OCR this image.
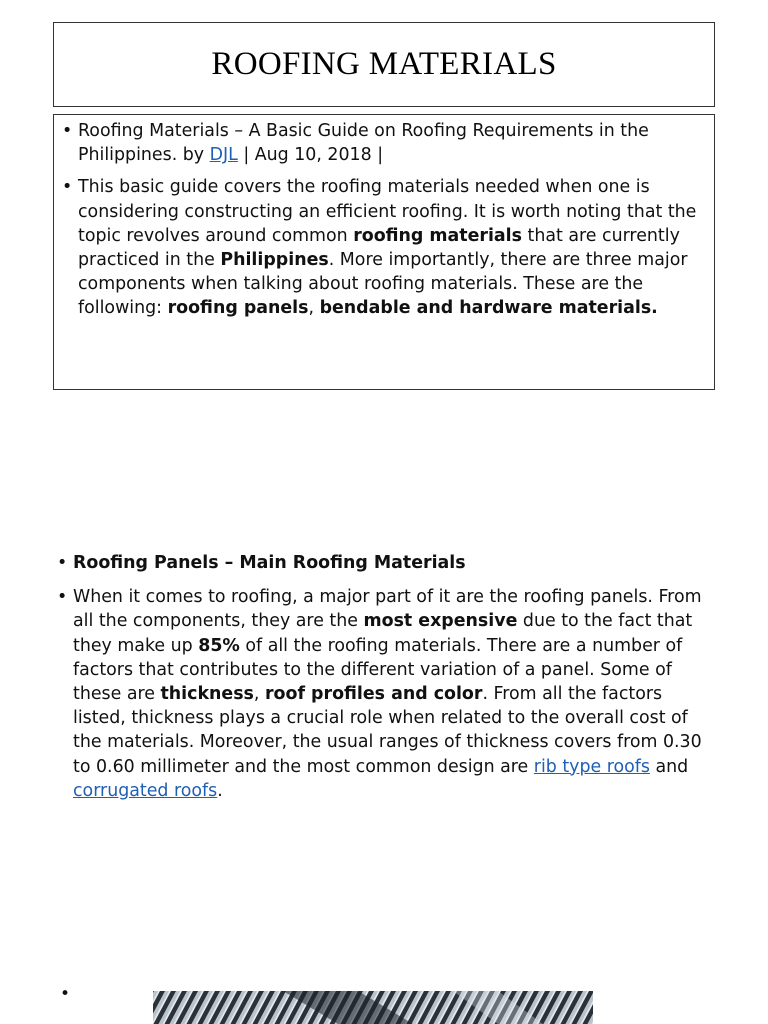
ROOFING MATERIALS

• Roofing Materials – A Basic Guide on Roofing Requirements in the Philippines. by DJL | Aug 10, 2018 |

• This basic guide covers the roofing materials needed when one is considering constructing an efficient roofing. It is worth noting that the topic revolves around common roofing materials that are currently practiced in the Philippines. More importantly, there are three major components when talking about roofing materials. These are the following: roofing panels, bendable and hardware materials.

• Roofing Panels – Main Roofing Materials

• When it comes to roofing, a major part of it are the roofing panels. From all the components, they are the most expensive due to the fact that they make up 85% of all the roofing materials. There are a number of factors that contributes to the different variation of a panel. Some of these are thickness, roof profiles and color. From all the factors listed, thickness plays a crucial role when related to the overall cost of the materials. Moreover, the usual ranges of thickness covers from 0.30 to 0.60 millimeter and the most common design are rib type roofs and corrugated roofs.

•
